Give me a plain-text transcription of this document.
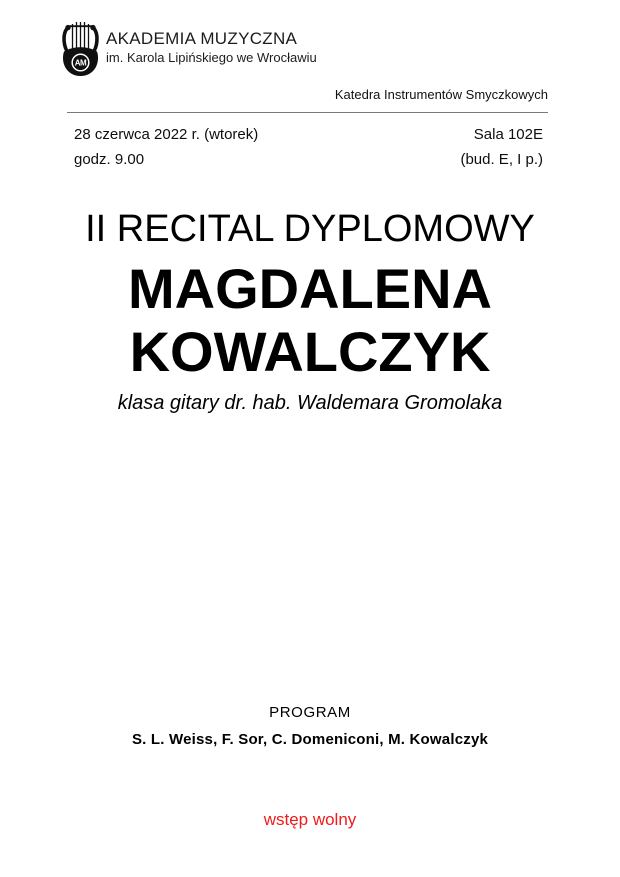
AM
AKADEMIA MUZYCZNA
im. Karola Lipińskiego we Wrocławiu
Katedra Instrumentów Smyczkowych
28 czerwca 2022 r. (wtorek)
godz. 9.00
Sala 102E
(bud. E, I p.)
II RECITAL DYPLOMOWY
MAGDALENA
KOWALCZYK
klasa gitary dr. hab. Waldemara Gromolaka
PROGRAM
S. L. Weiss, F. Sor, C. Domeniconi, M. Kowalczyk
wstęp wolny
